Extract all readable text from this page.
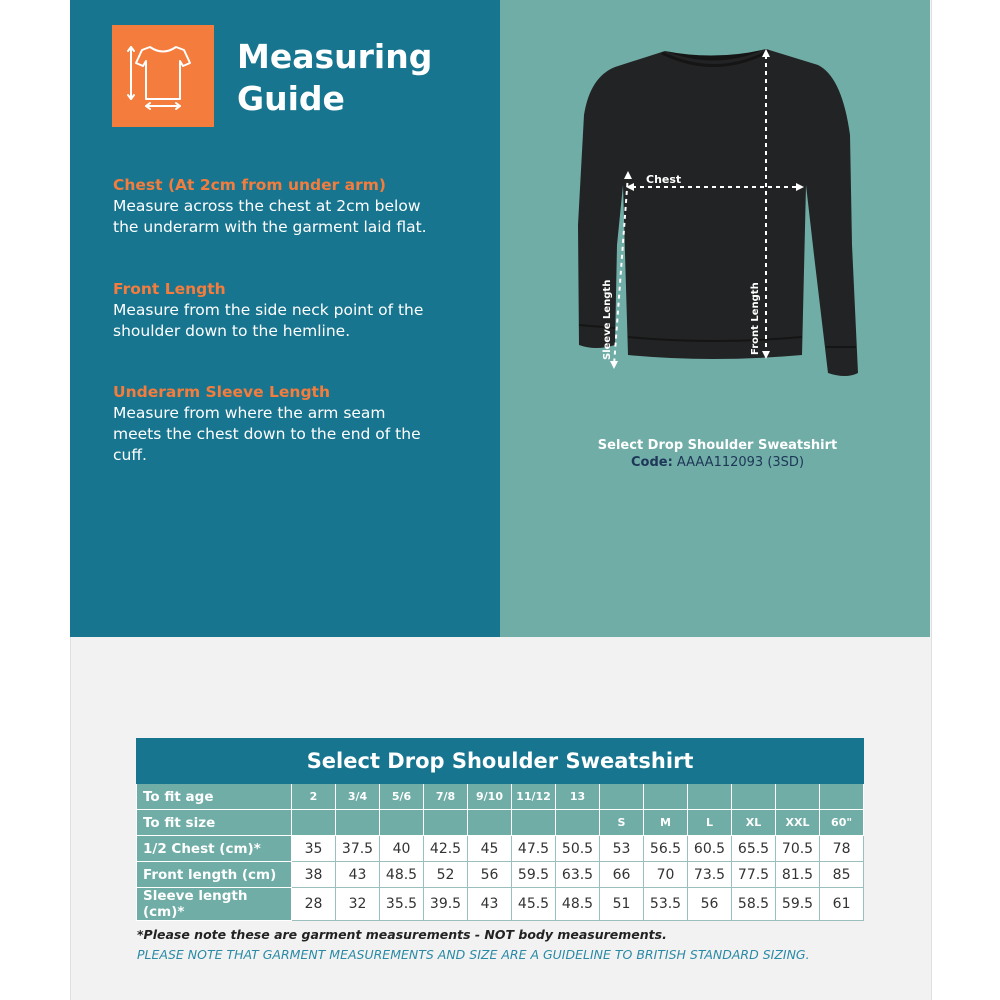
Measuring
Guide
Chest (At 2cm from under arm)
Measure across the chest at 2cm below
the underarm with the garment laid flat.
Front Length
Measure from the side neck point of the
shoulder down to the hemline.
Underarm Sleeve Length
Measure from where the arm seam
meets the chest down to the end of the
cuff.
Chest
Sleeve Length	Front Length
Select Drop Shoulder Sweatshirt
Code: AAAA112093 (3SD)
Select Drop Shoulder Sweatshirt													
To fit age	2	3/4	5/6	7/8	9/10	11/12	13						
To fit size								S	M	L	XL	XXL	60"
1/2 Chest (cm)*	35	37.5	40	42.5	45	47.5	50.5	53	56.5	60.5	65.5	70.5	78
Front length (cm)	38	43	48.5	52	56	59.5	63.5	66	70	73.5	77.5	81.5	85
Sleeve length (cm)*	28	32	35.5	39.5	43	45.5	48.5	51	53.5	56	58.5	59.5	61
*Please note these are garment measurements - NOT body measurements.
PLEASE NOTE THAT GARMENT MEASUREMENTS AND SIZE ARE A GUIDELINE TO BRITISH STANDARD SIZING.
